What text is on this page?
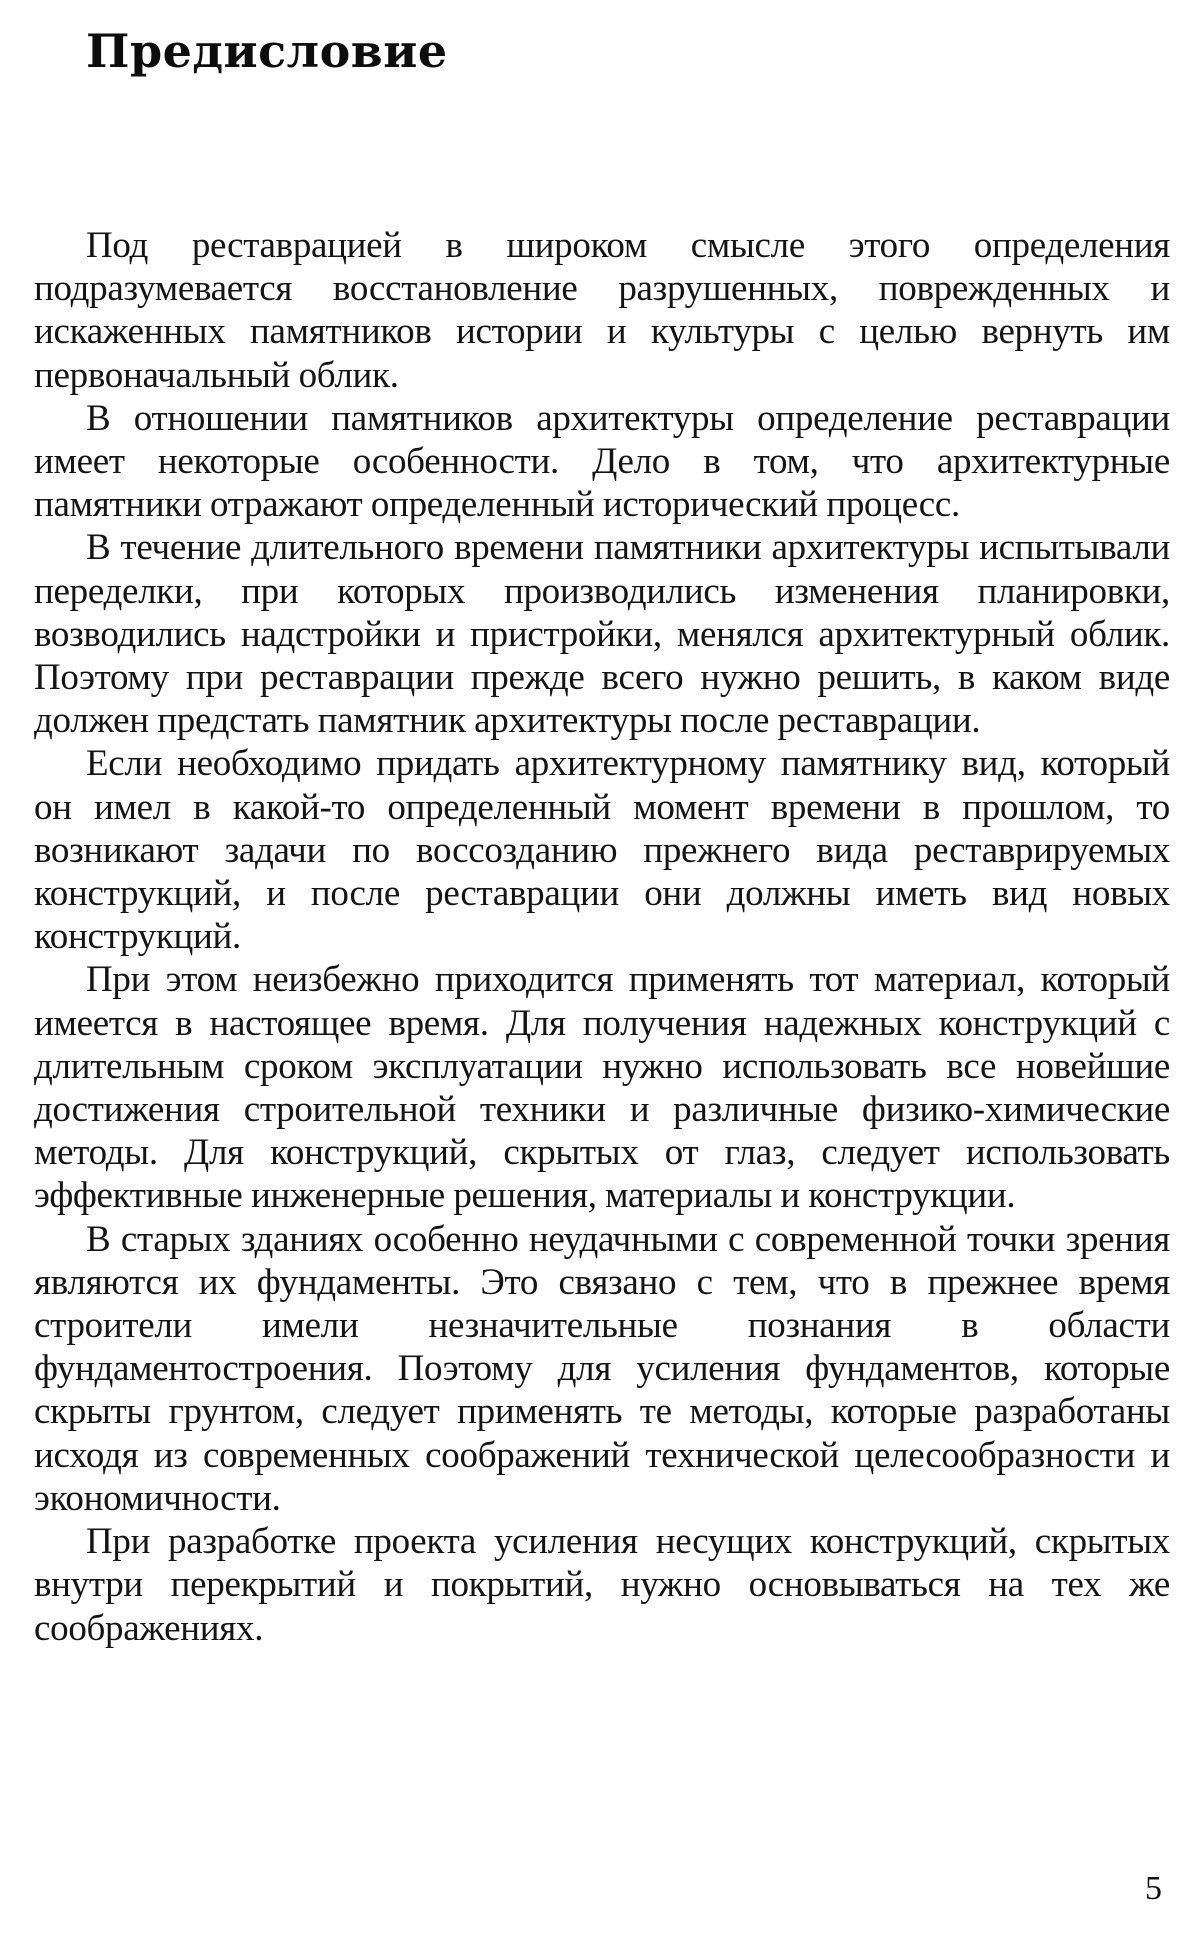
Предисловие

Под реставрацией в широком смысле этого определения подразумевается восстановление разрушенных, поврежденных и искаженных памятников истории и культуры с целью вернуть им первоначальный облик.

В отношении памятников архитектуры определение реставрации имеет некоторые особенности. Дело в том, что архитектурные памятники отражают определенный исторический процесс.

В течение длительного времени памятники архитектуры испытывали переделки, при которых производились изменения планировки, возводились надстройки и пристройки, менялся архитектурный облик. Поэтому при реставрации прежде всего нужно решить, в каком виде должен предстать памятник архитектуры после реставрации.

Если необходимо придать архитектурному памятнику вид, который он имел в какой-то определенный момент времени в прошлом, то возникают задачи по воссозданию прежнего вида реставрируемых конструкций, и после реставрации они должны иметь вид новых конструкций.

При этом неизбежно приходится применять тот материал, который имеется в настоящее время. Для получения надежных конструкций с длительным сроком эксплуатации нужно использовать все новейшие достижения строительной техники и различные физико-химические методы. Для конструкций, скрытых от глаз, следует использовать эффективные инженерные решения, материалы и конструкции.

В старых зданиях особенно неудачными с современной точки зрения являются их фундаменты. Это связано с тем, что в прежнее время строители имели незначительные познания в области фундаментостроения. Поэтому для усиления фундаментов, которые скрыты грунтом, следует применять те методы, которые разработаны исходя из современных соображений технической целесообразности и экономичности.

При разработке проекта усиления несущих конструкций, скрытых внутри перекрытий и покрытий, нужно основываться на тех же соображениях.

5
